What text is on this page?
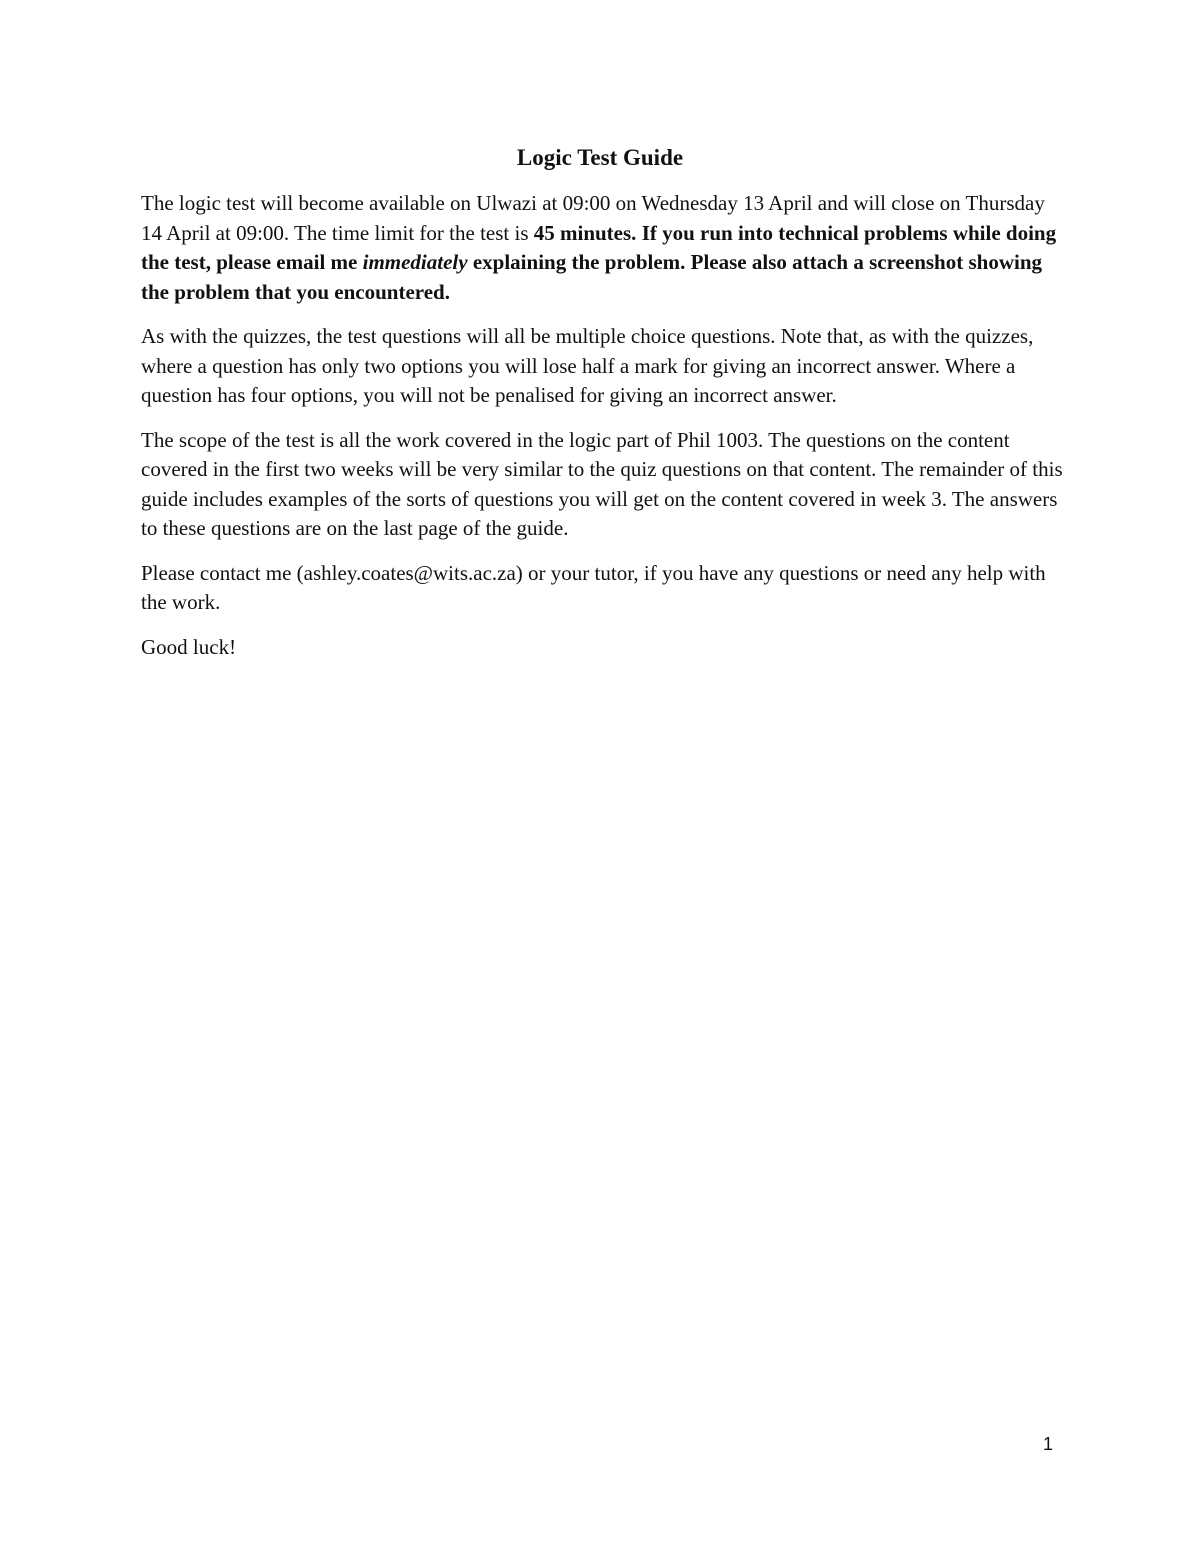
Logic Test Guide

The logic test will become available on Ulwazi at 09:00 on Wednesday 13 April and will close on Thursday 14 April at 09:00. The time limit for the test is 45 minutes. If you run into technical problems while doing the test, please email me immediately explaining the problem. Please also attach a screenshot showing the problem that you encountered.

As with the quizzes, the test questions will all be multiple choice questions. Note that, as with the quizzes, where a question has only two options you will lose half a mark for giving an incorrect answer. Where a question has four options, you will not be penalised for giving an incorrect answer.

The scope of the test is all the work covered in the logic part of Phil 1003. The questions on the content covered in the first two weeks will be very similar to the quiz questions on that content. The remainder of this guide includes examples of the sorts of questions you will get on the content covered in week 3. The answers to these questions are on the last page of the guide.

Please contact me (ashley.coates@wits.ac.za) or your tutor, if you have any questions or need any help with the work.

Good luck!

1
